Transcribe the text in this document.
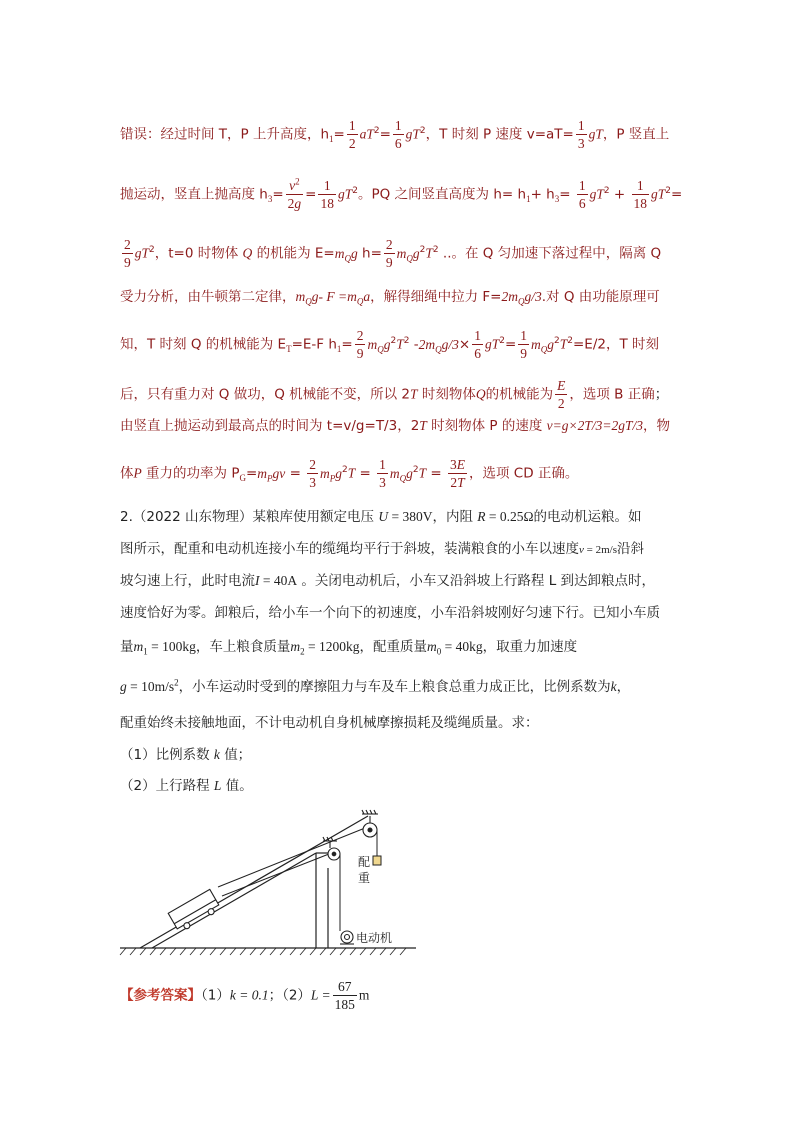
错误：经过时间 T，P 上升高度，$h_1= \frac{1}{2} aT^2= \frac{1}{6} gT^2$，T 时刻 P 速度 $v=aT= \frac{1}{3}$ gT，P 竖直上
抛运动，竖直上抛高度 $h_3= \frac{v^2}{2g} = \frac{1}{18} gT^2$。PQ 之间竖直高度为 $h= h_1+ h_3= \frac{1}{6} gT^2 + \frac{1}{18} gT^2=$
$\frac{2}{9} gT^2$，t=0 时物体 Q 的机能为 $E=m_Qg$ $h= \frac{2}{9} m_Qg^2T^2$ ..。在 Q 匀加速下落过程中，隔离 Q
受力分析，由牛顿第二定律，$m_Qg-$ $F =m_Qa$，解得细绳中拉力 $F=2m_Qg/3$.对 Q 由功能原理可
知，T 时刻 Q 的机械能为 $E_T=E-F$ $h_1= \frac{2}{9} m_Qg^2T^2$ $-2m_Qg/3\times \frac{1}{6} gT^2= \frac{1}{9} m_Qg^2T^2=E/2$，T 时刻
后，只有重力对 Q 做功，Q 机械能不变，所以 2T 时刻物体Q的机械能为 $\frac{E}{2}$ ，选项 B 正确；
由竖直上抛运动到最高点的时间为 t=v/g=T/3，2T 时刻物体 P 的速度 v=g×2T/3=2gT/3，物
体P 重力的功率为 $P_G=m_Pgv = \frac{2}{3} m_Pg^2T = \frac{1}{3} m_Qg^2T = \frac{3E}{2T}$ ，选项 CD 正确。
2.（2022 山东物理）某粮库使用额定电压 U = 380V，内阻 R = 0.25Ω的电动机运粮。如
图所示，配重和电动机连接小车的缆绳均平行于斜坡，装满粮食的小车以速度v = 2m/s沿斜
坡匀速上行，此时电流I = 40A 。关闭电动机后，小车又沿斜坡上行路程 L 到达卸粮点时，
速度恰好为零。卸粮后，给小车一个向下的初速度，小车沿斜坡刚好匀速下行。已知小车质
量$m_1 = 100kg$，车上粮食质量$m_2 = 1200kg$，配重质量$m_0 = 40kg$，取重力加速度
$g = 10m/s^2$，小车运动时受到的摩擦阻力与车及车上粮食总重力成正比，比例系数为k，
配重始终未接触地面，不计电动机自身机械摩擦损耗及缆绳质量。求：
（1）比例系数 k 值；
（2）上行路程 L 值。
配
重
电动机
【参考答案】（1）k = 0.1；$(2)L = \frac{67}{185}$ m
